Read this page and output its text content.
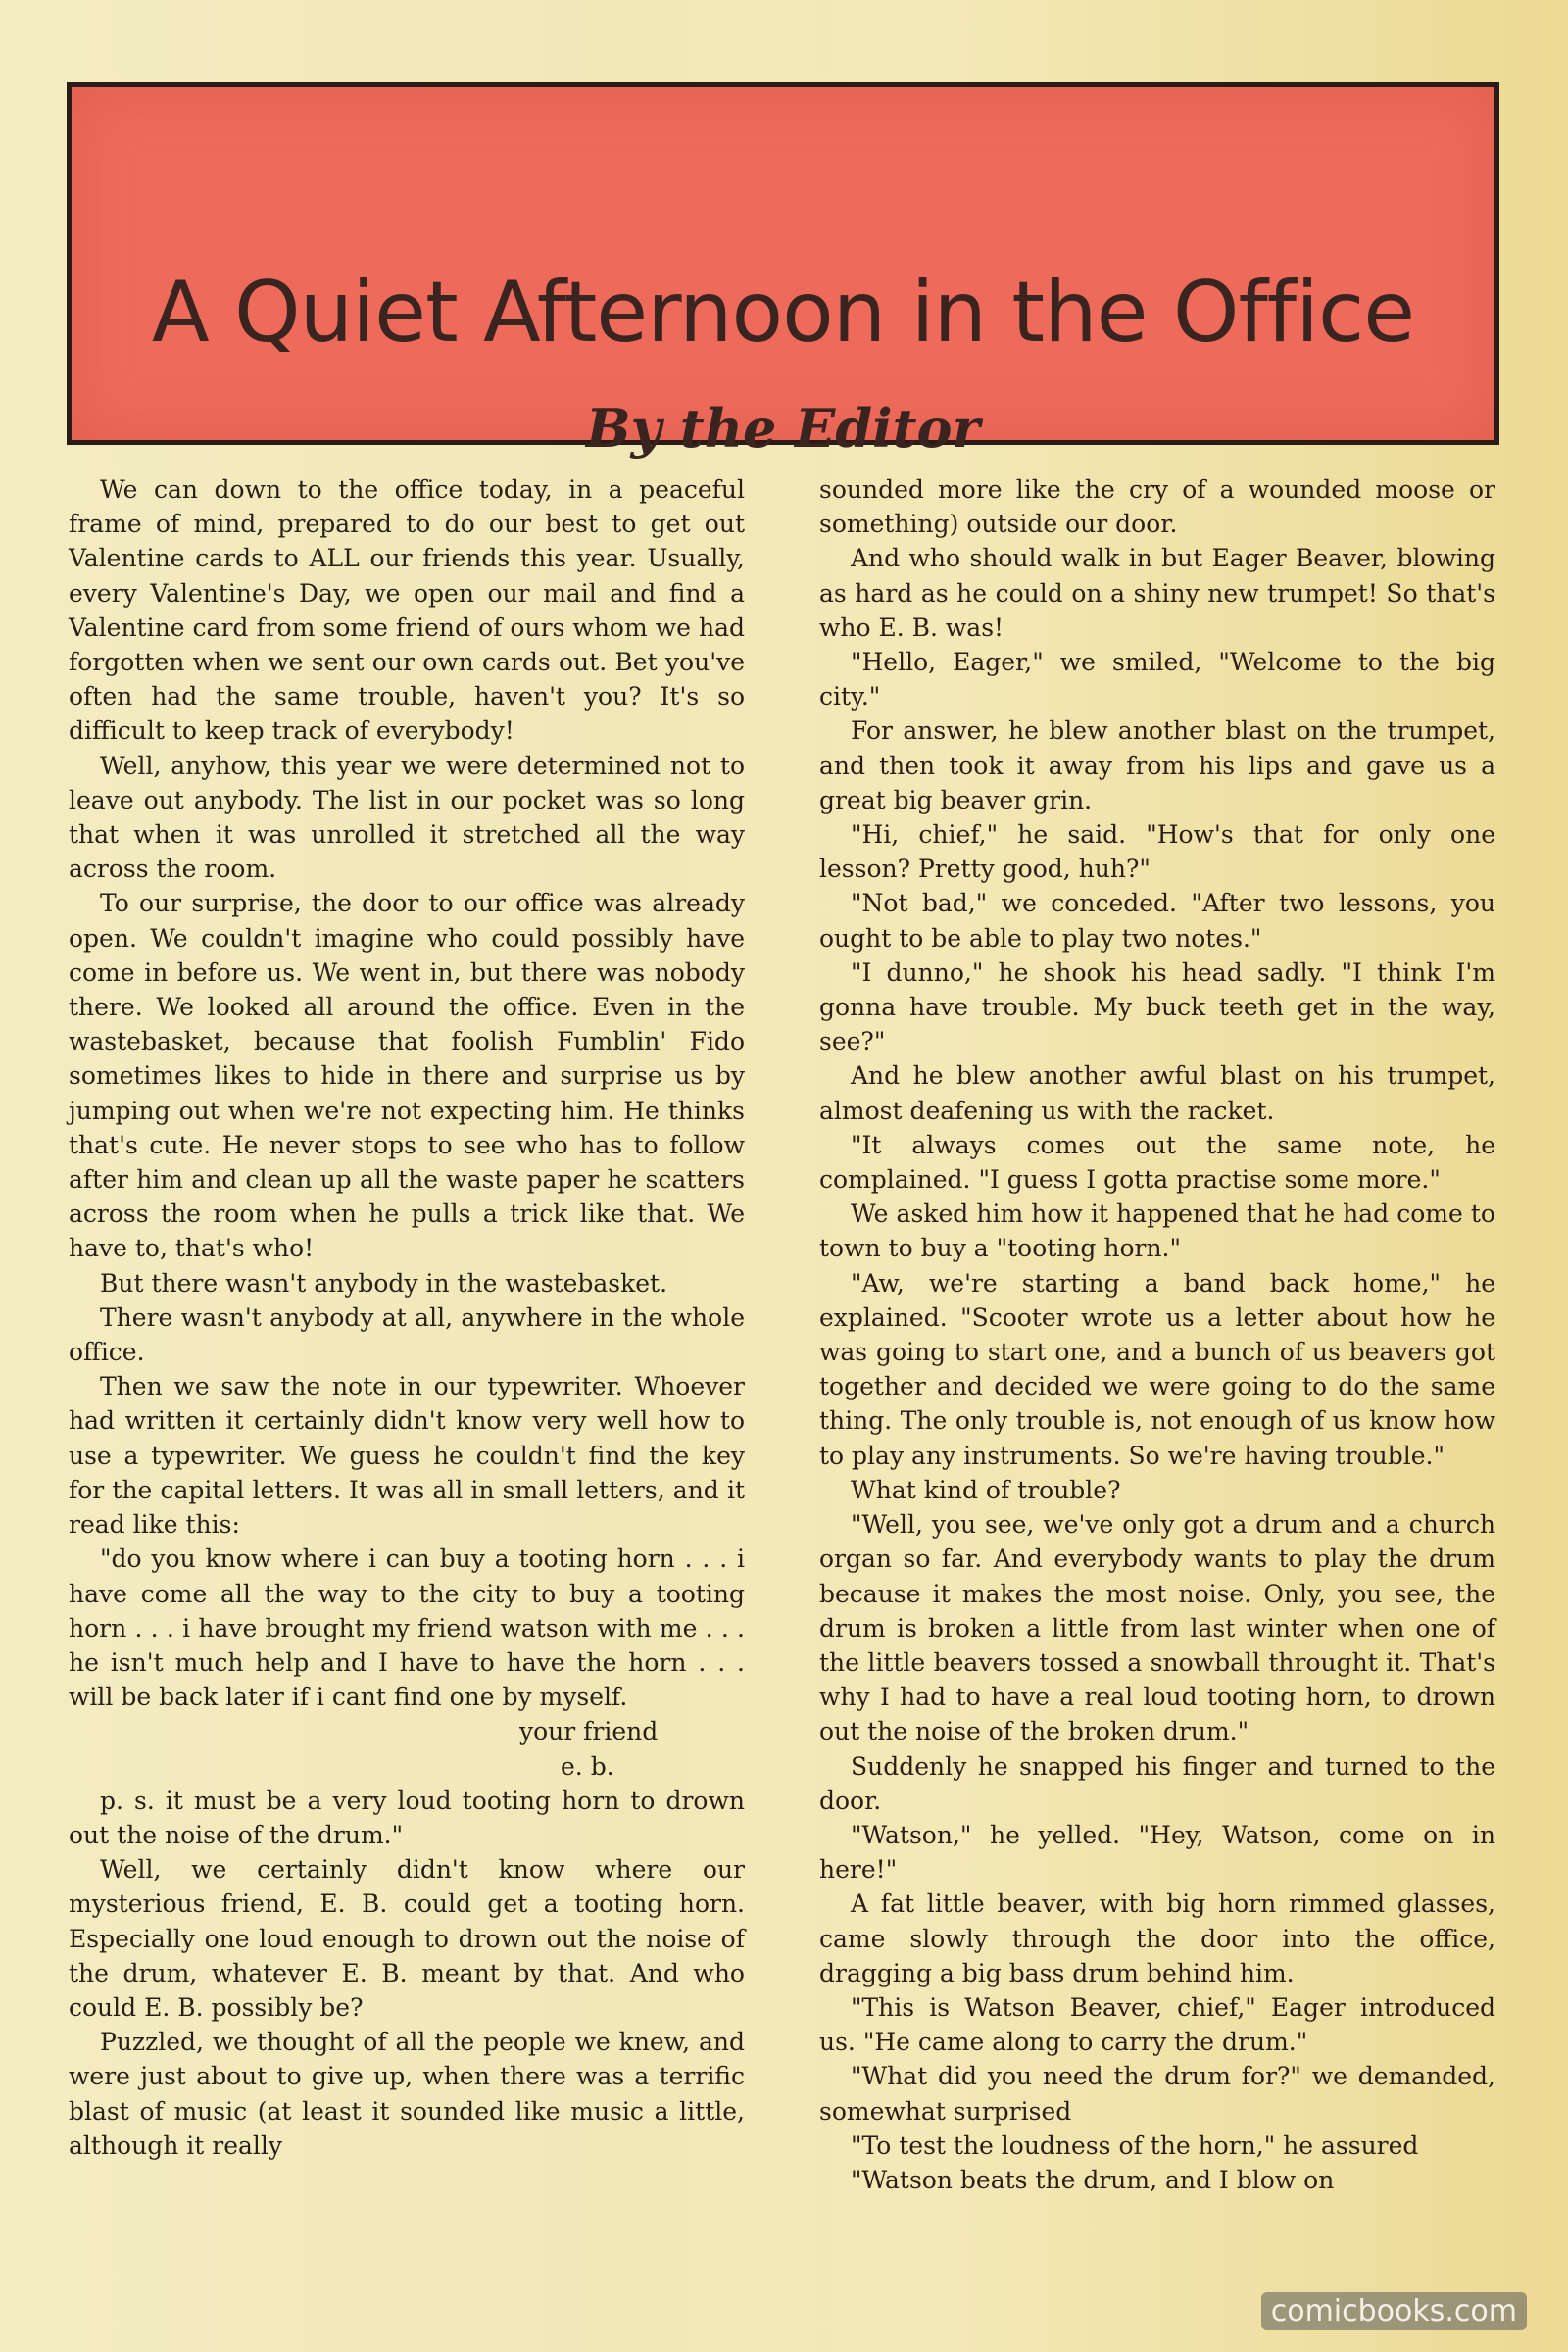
A Quiet Afternoon in the Office
By the Editor

We can down to the office today, in a peaceful frame of mind, prepared to do our best to get out Valentine cards to ALL our friends this year. Usually, every Valentine's Day, we open our mail and find a Valentine card from some friend of ours whom we had forgotten when we sent our own cards out. Bet you've often had the same trouble, haven't you? It's so difficult to keep track of everybody!

Well, anyhow, this year we were determined not to leave out anybody. The list in our pocket was so long that when it was unrolled it stretched all the way across the room.

To our surprise, the door to our office was already open. We couldn't imagine who could possibly have come in before us. We went in, but there was nobody there. We looked all around the office. Even in the wastebasket, because that foolish Fumblin' Fido sometimes likes to hide in there and surprise us by jumping out when we're not expecting him. He thinks that's cute. He never stops to see who has to follow after him and clean up all the waste paper he scatters across the room when he pulls a trick like that. We have to, that's who!

But there wasn't anybody in the wastebasket.

There wasn't anybody at all, anywhere in the whole office.

Then we saw the note in our typewriter. Whoever had written it certainly didn't know very well how to use a typewriter. We guess he couldn't find the key for the capital letters. It was all in small letters, and it read like this:

"do you know where i can buy a tooting horn . . . i have come all the way to the city to buy a tooting horn . . . i have brought my friend watson with me . . . he isn't much help and I have to have the horn . . . will be back later if i cant find one by myself.

your friend

e. b.

p. s. it must be a very loud tooting horn to drown out the noise of the drum."

Well, we certainly didn't know where our mysterious friend, E. B. could get a tooting horn. Especially one loud enough to drown out the noise of the drum, whatever E. B. meant by that. And who could E. B. possibly be?

Puzzled, we thought of all the people we knew, and were just about to give up, when there was a terrific blast of music (at least it sounded like music a little, although it really

sounded more like the cry of a wounded moose or something) outside our door.

And who should walk in but Eager Beaver, blowing as hard as he could on a shiny new trumpet! So that's who E. B. was!

"Hello, Eager," we smiled, "Welcome to the big city."

For answer, he blew another blast on the trumpet, and then took it away from his lips and gave us a great big beaver grin.

"Hi, chief," he said. "How's that for only one lesson? Pretty good, huh?"

"Not bad," we conceded. "After two lessons, you ought to be able to play two notes."

"I dunno," he shook his head sadly. "I think I'm gonna have trouble. My buck teeth get in the way, see?"

And he blew another awful blast on his trumpet, almost deafening us with the racket.

"It always comes out the same note, he complained. "I guess I gotta practise some more."

We asked him how it happened that he had come to town to buy a "tooting horn."

"Aw, we're starting a band back home," he explained. "Scooter wrote us a letter about how he was going to start one, and a bunch of us beavers got together and decided we were going to do the same thing. The only trouble is, not enough of us know how to play any instruments. So we're having trouble."

What kind of trouble?

"Well, you see, we've only got a drum and a church organ so far. And everybody wants to play the drum because it makes the most noise. Only, you see, the drum is broken a little from last winter when one of the little beavers tossed a snowball throught it. That's why I had to have a real loud tooting horn, to drown out the noise of the broken drum."

Suddenly he snapped his finger and turned to the door.

"Watson," he yelled. "Hey, Watson, come on in here!"

A fat little beaver, with big horn rimmed glasses, came slowly through the door into the office, dragging a big bass drum behind him.

"This is Watson Beaver, chief," Eager introduced us. "He came along to carry the drum."

"What did you need the drum for?" we demanded, somewhat surprised

"To test the loudness of the horn," he assured

"Watson beats the drum, and I blow on

comicbooks.com
